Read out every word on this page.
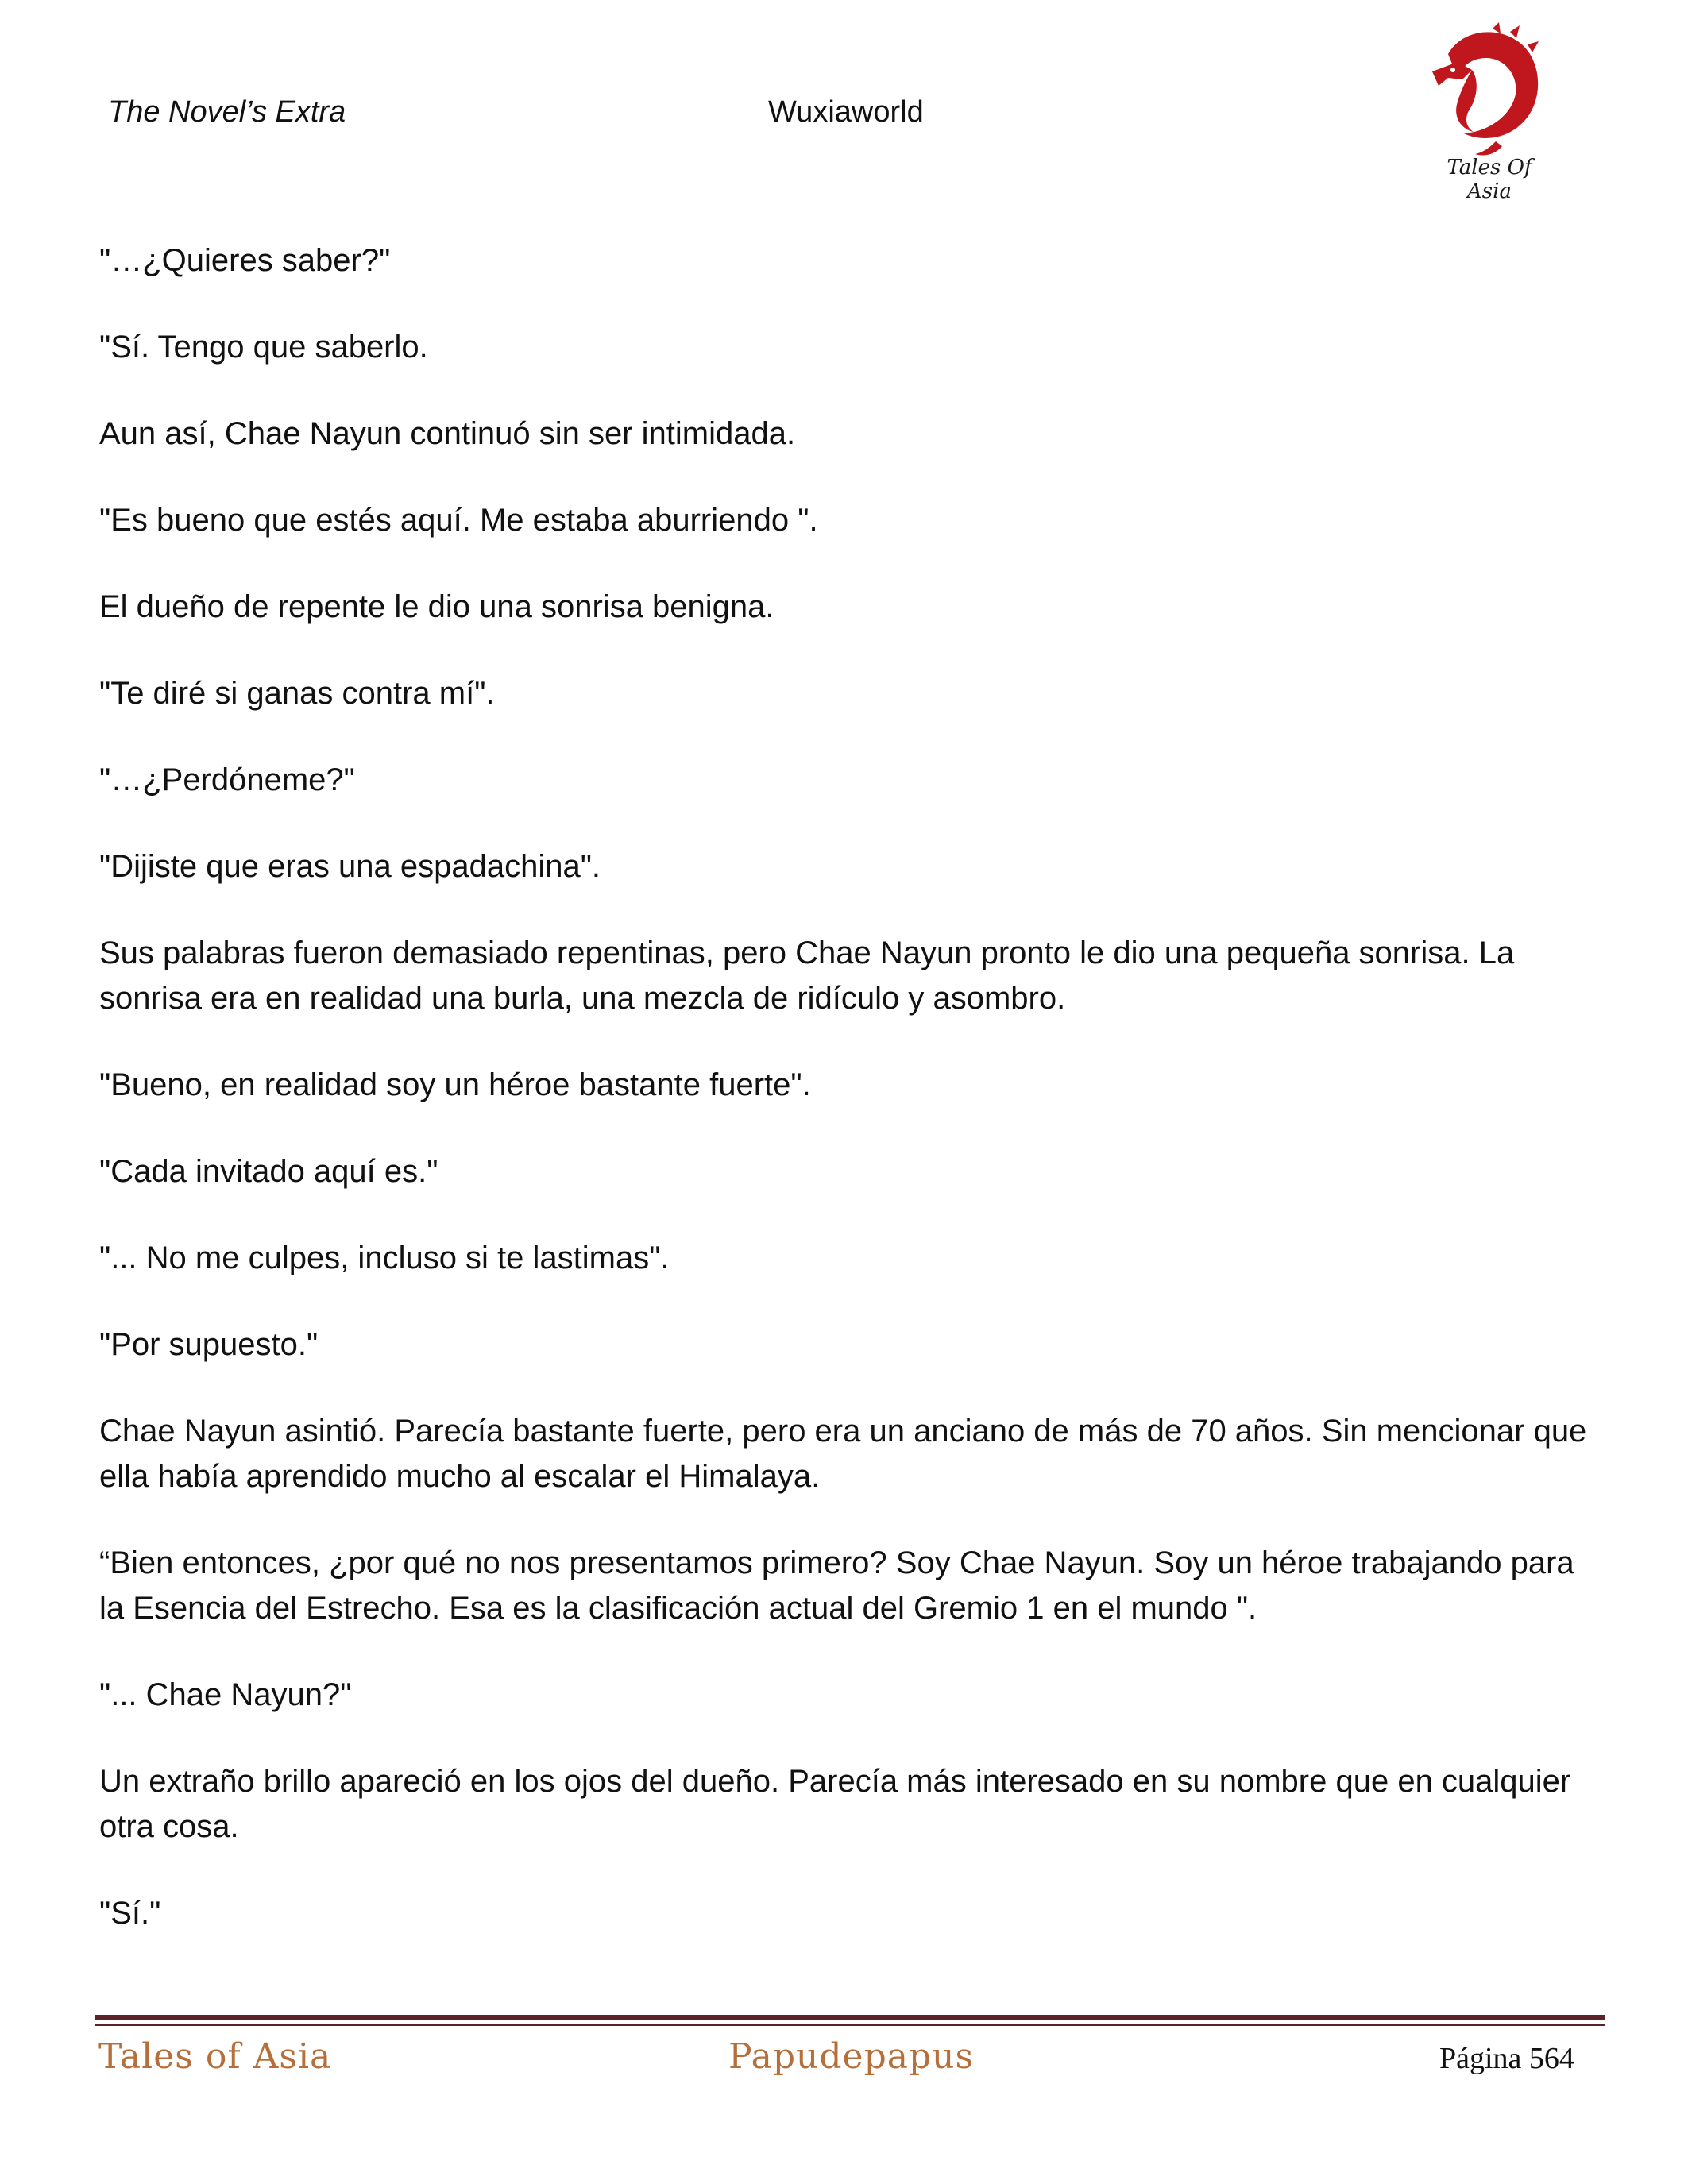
The Novel’s Extra	Wuxiaworld
Tales Of Asia

"…¿Quieres saber?"

"Sí. Tengo que saberlo.

Aun así, Chae Nayun continuó sin ser intimidada.

"Es bueno que estés aquí. Me estaba aburriendo ".

El dueño de repente le dio una sonrisa benigna.

"Te diré si ganas contra mí".

"…¿Perdóneme?"

"Dijiste que eras una espadachina".

Sus palabras fueron demasiado repentinas, pero Chae Nayun pronto le dio una pequeña sonrisa. La sonrisa era en realidad una burla, una mezcla de ridículo y asombro.

"Bueno, en realidad soy un héroe bastante fuerte".

"Cada invitado aquí es."

"... No me culpes, incluso si te lastimas".

"Por supuesto."

Chae Nayun asintió. Parecía bastante fuerte, pero era un anciano de más de 70 años. Sin mencionar que ella había aprendido mucho al escalar el Himalaya.

“Bien entonces, ¿por qué no nos presentamos primero? Soy Chae Nayun. Soy un héroe trabajando para la Esencia del Estrecho. Esa es la clasificación actual del Gremio 1 en el mundo ".

"... Chae Nayun?"

Un extraño brillo apareció en los ojos del dueño. Parecía más interesado en su nombre que en cualquier otra cosa.

"Sí."

Tales of Asia	Papudepapus	Página 564
